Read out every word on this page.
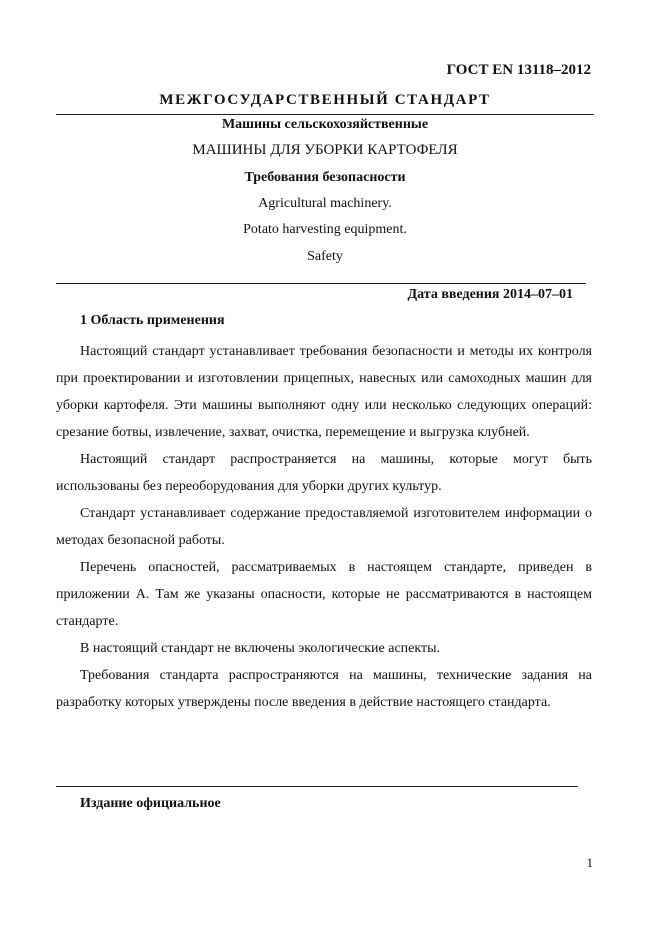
ГОСТ EN 13118–2012
МЕЖГОСУДАРСТВЕННЫЙ СТАНДАРТ
Машины сельскохозяйственные
МАШИНЫ ДЛЯ УБОРКИ КАРТОФЕЛЯ
Требования безопасности
Agricultural machinery.
Potato harvesting equipment.
Safety
Дата введения 2014–07–01
1 Область применения

Настоящий стандарт устанавливает требования безопасности и методы их контроля при проектировании и изготовлении прицепных, навесных или самоходных машин для уборки картофеля. Эти машины выполняют одну или несколько следующих операций: срезание ботвы, извлечение, захват, очистка, перемещение и выгрузка клубней.

Настоящий стандарт распространяется на машины, которые могут быть использованы без переоборудования для уборки других культур.

Стандарт устанавливает содержание предоставляемой изготовителем информации о методах безопасной работы.

Перечень опасностей, рассматриваемых в настоящем стандарте, приведен в приложении А. Там же указаны опасности, которые не рассматриваются в настоящем стандарте.

В настоящий стандарт не включены экологические аспекты.

Требования стандарта распространяются на машины, технические задания на разработку которых утверждены после введения в действие настоящего стандарта.

Издание официальное
1
